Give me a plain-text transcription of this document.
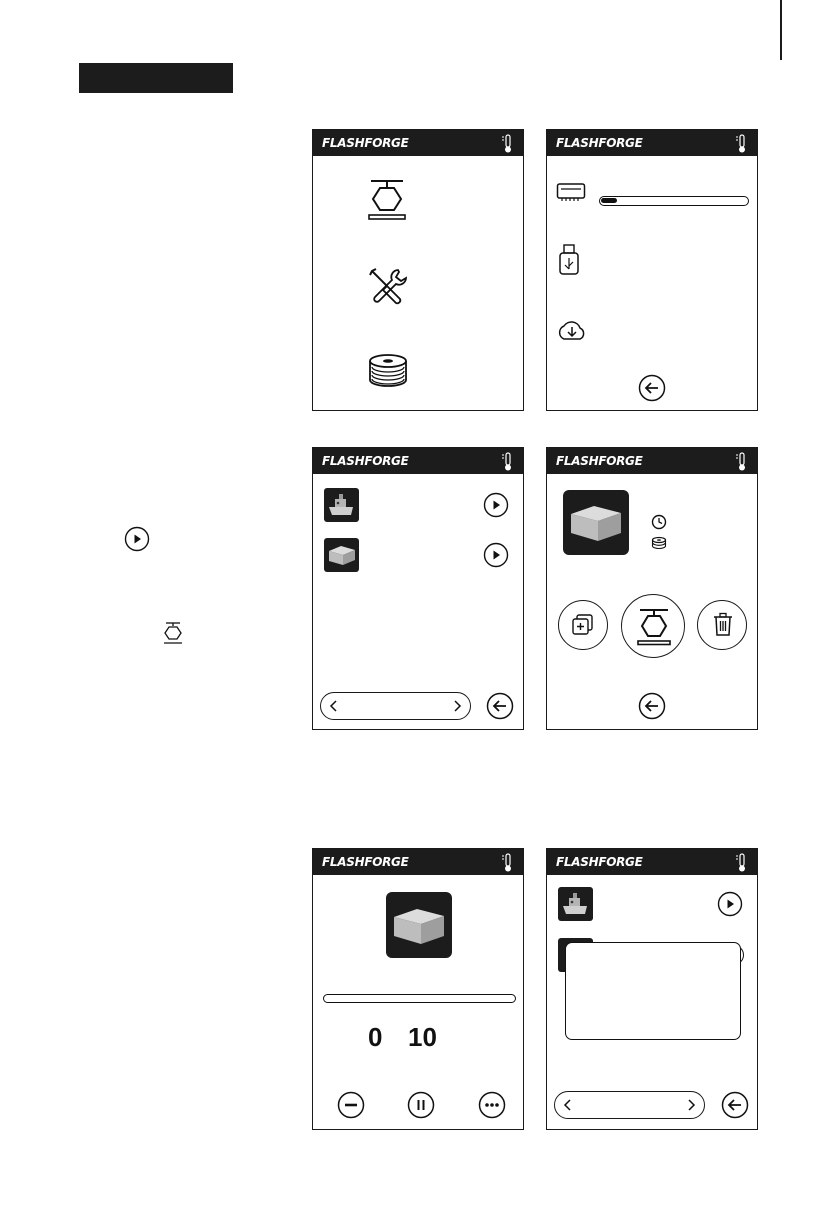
FLASHFORGE	FLASHFORGE
FLASHFORGE	FLASHFORGE
FLASHFORGE
0 10
FLASHFORGE
